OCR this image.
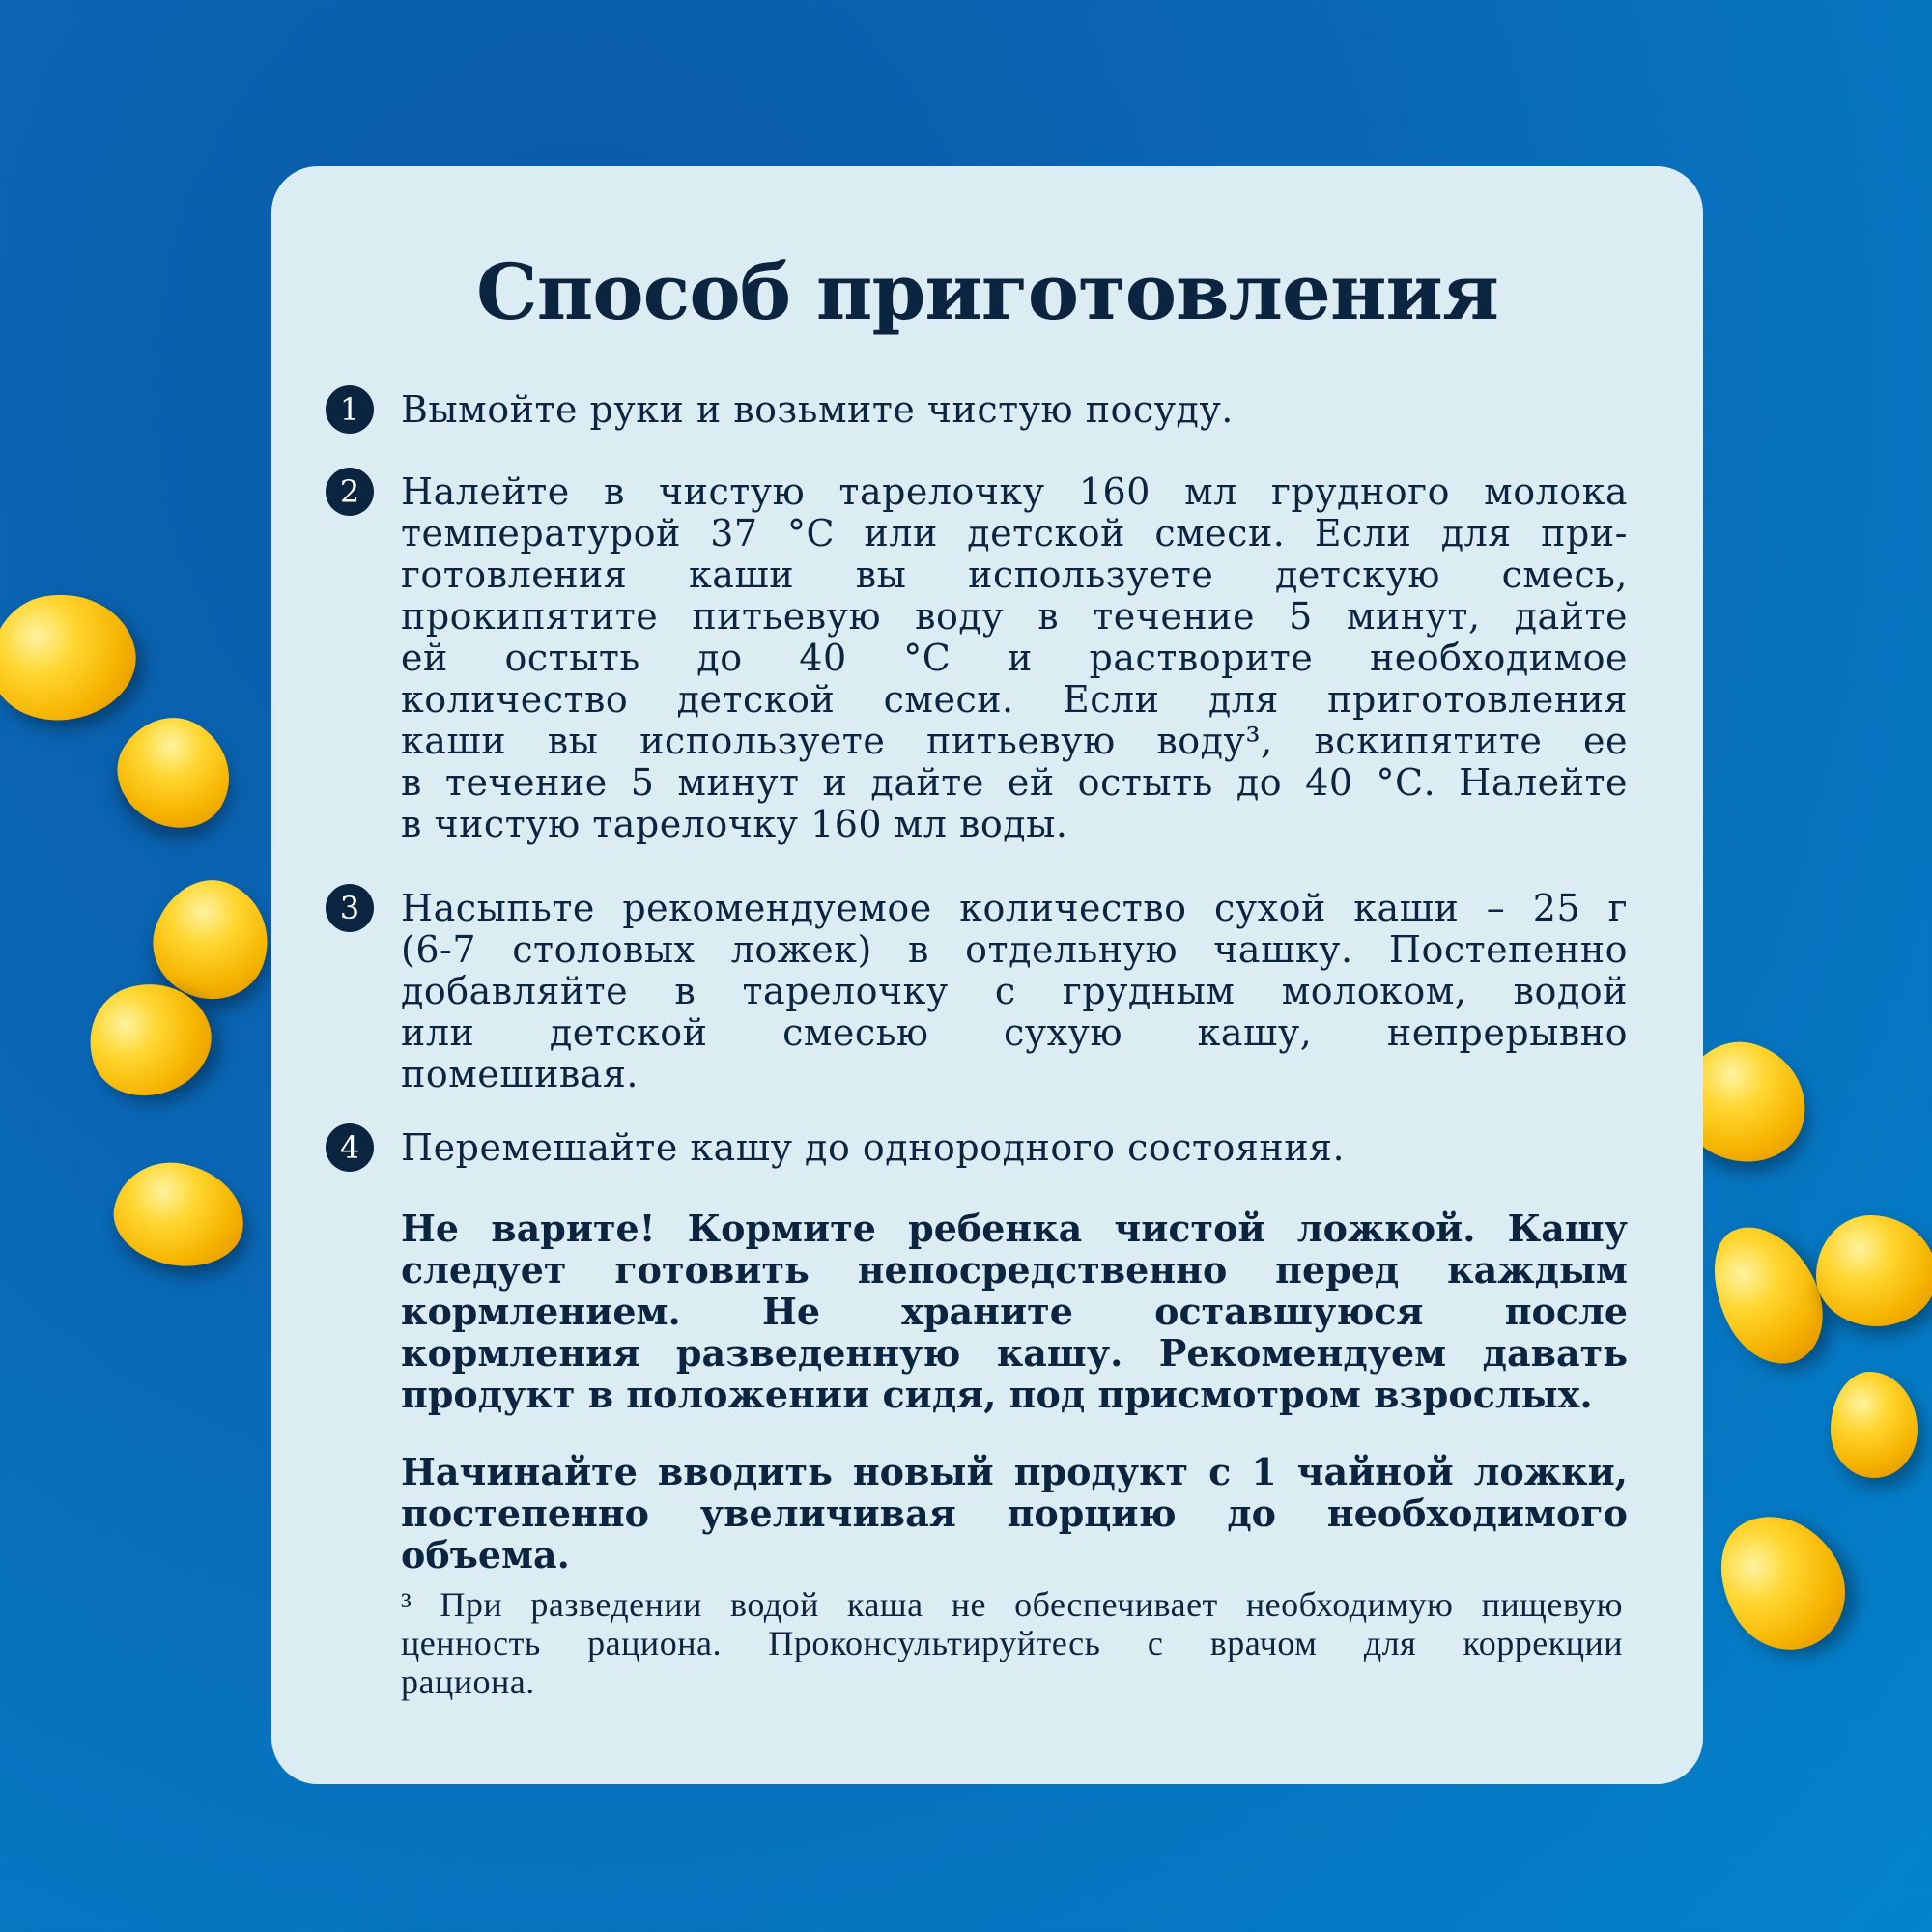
Способ приготовления
1	Вымойте руки и возьмите чистую посуду.
2	Налейте в чистую тарелочку 160 мл грудного молока
температурой 37 °С или детской смеси. Если для при-
готовления каши вы используете детскую смесь,
прокипятите питьевую воду в течение 5 минут, дайте
ей остыть до 40 °С и растворите необходимое
количество детской смеси. Если для приготовления
каши вы используете питьевую воду³, вскипятите ее
в течение 5 минут и дайте ей остыть до 40 °С. Налейте
в чистую тарелочку 160 мл воды.
3	Насыпьте рекомендуемое количество сухой каши – 25 г
(6-7 столовых ложек) в отдельную чашку. Постепенно
добавляйте в тарелочку с грудным молоком, водой
или детской смесью сухую кашу, непрерывно
помешивая.
4	Перемешайте кашу до однородного состояния.
Не варите! Кормите ребенка чистой ложкой. Кашу
следует готовить непосредственно перед каждым
кормлением. Не храните оставшуюся после
кормления разведенную кашу. Рекомендуем давать
продукт в положении сидя, под присмотром взрослых.
Начинайте вводить новый продукт с 1 чайной ложки,
постепенно увеличивая порцию до необходимого
объема.
³ При разведении водой каша не обеспечивает необходимую пищевую
ценность рациона. Проконсультируйтесь с врачом для коррекции
рациона.
